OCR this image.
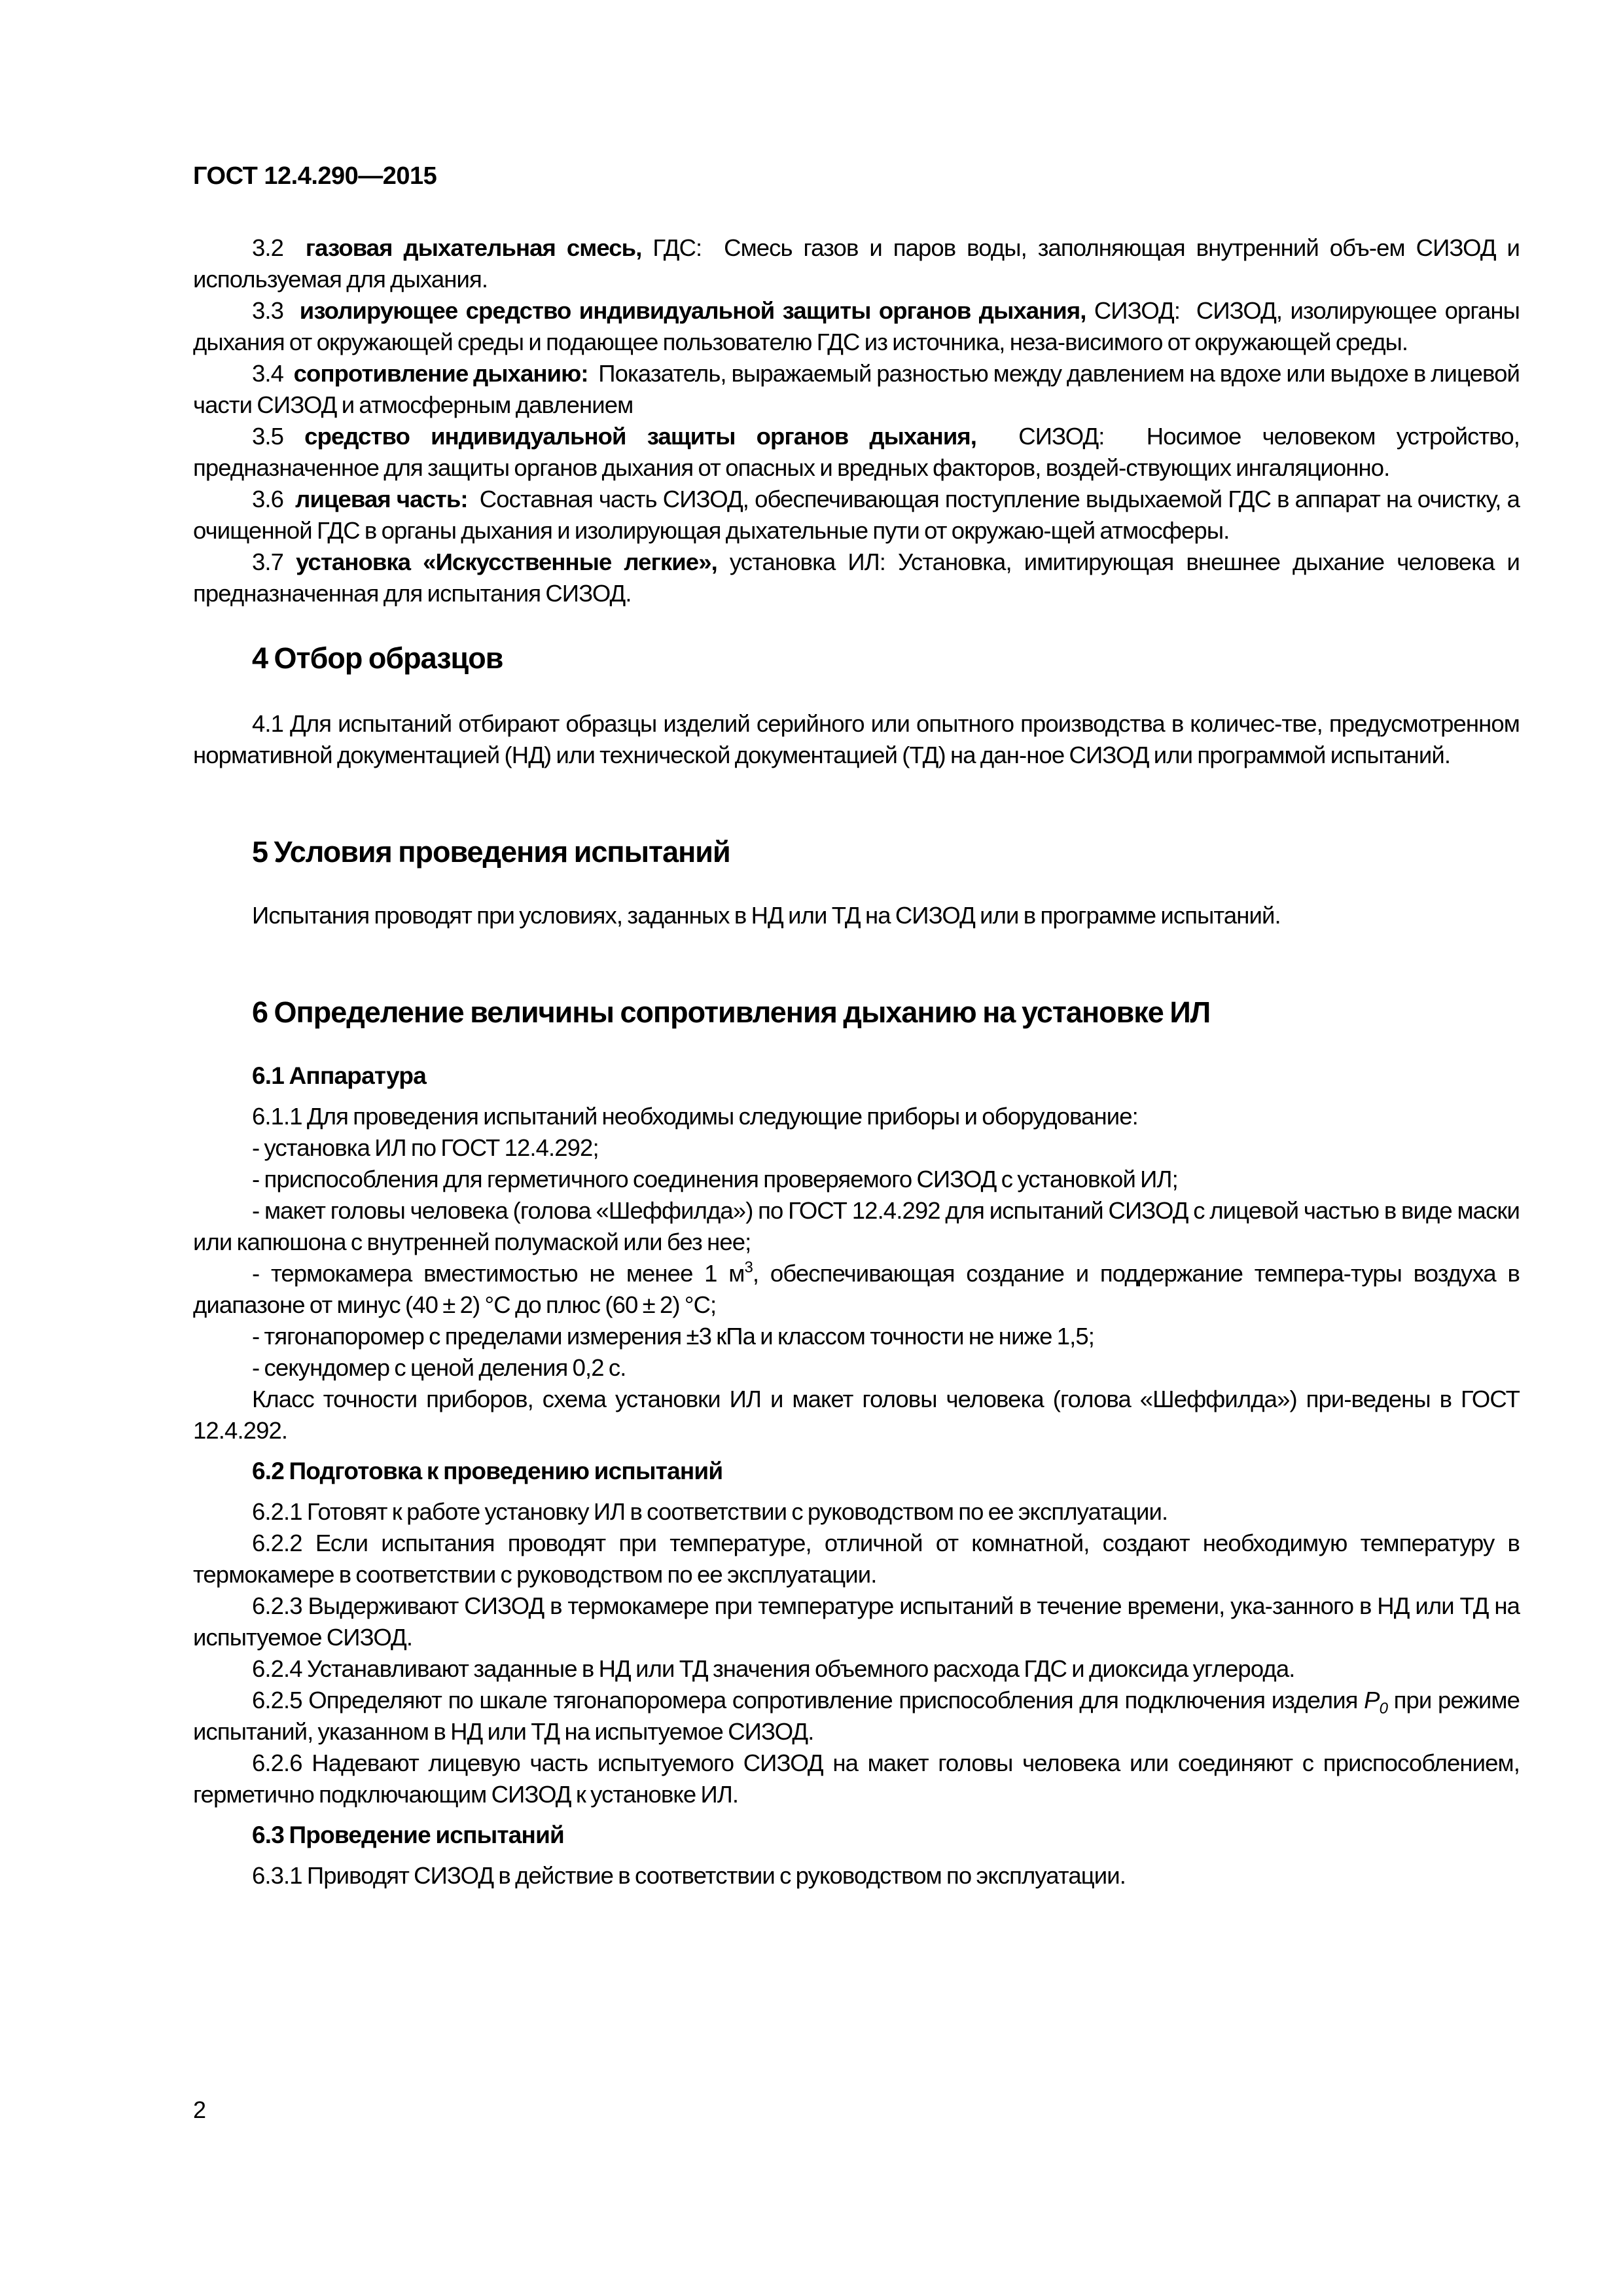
ГОСТ 12.4.290—2015

3.2 газовая дыхательная смесь, ГДС: Смесь газов и паров воды, заполняющая внутренний объ-ем СИЗОД и используемая для дыхания.

3.3 изолирующее средство индивидуальной защиты органов дыхания, СИЗОД: СИЗОД, изолирующее органы дыхания от окружающей среды и подающее пользователю ГДС из источника, неза-висимого от окружающей среды.

3.4 сопротивление дыханию: Показатель, выражаемый разностью между давлением на вдохе или выдохе в лицевой части СИЗОД и атмосферным давлением

3.5 средство индивидуальной защиты органов дыхания, СИЗОД: Носимое человеком устройство, предназначенное для защиты органов дыхания от опасных и вредных факторов, воздей-ствующих ингаляционно.

3.6 лицевая часть: Составная часть СИЗОД, обеспечивающая поступление выдыхаемой ГДС в аппарат на очистку, а очищенной ГДС в органы дыхания и изолирующая дыхательные пути от окружаю-щей атмосферы.

3.7 установка «Искусственные легкие», установка ИЛ: Установка, имитирующая внешнее дыхание человека и предназначенная для испытания СИЗОД.

4 Отбор образцов

4.1 Для испытаний отбирают образцы изделий серийного или опытного производства в количес-тве, предусмотренном нормативной документацией (НД) или технической документацией (ТД) на дан-ное СИЗОД или программой испытаний.

5 Условия проведения испытаний

Испытания проводят при условиях, заданных в НД или ТД на СИЗОД или в программе испытаний.

6 Определение величины сопротивления дыханию на установке ИЛ
6.1 Аппаратура

6.1.1 Для проведения испытаний необходимы следующие приборы и оборудование:

- установка ИЛ по ГОСТ 12.4.292;

- приспособления для герметичного соединения проверяемого СИЗОД с установкой ИЛ;

- макет головы человека (голова «Шеффилда») по ГОСТ 12.4.292 для испытаний СИЗОД с лицевой частью в виде маски или капюшона с внутренней полумаской или без нее;

- термокамера вместимостью не менее 1 $м^3$, обеспечивающая создание и поддержание темпера-туры воздуха в диапазоне от минус (40 ± 2) °С до плюс (60 ± 2) °С;

- тягонапоромер с пределами измерения ±3 кПа и классом точности не ниже 1,5;

- секундомер с ценой деления 0,2 с.

Класс точности приборов, схема установки ИЛ и макет головы человека (голова «Шеффилда») при-ведены в ГОСТ 12.4.292.

6.2 Подготовка к проведению испытаний

6.2.1 Готовят к работе установку ИЛ в соответствии с руководством по ее эксплуатации.

6.2.2 Если испытания проводят при температуре, отличной от комнатной, создают необходимую температуру в термокамере в соответствии с руководством по ее эксплуатации.

6.2.3 Выдерживают СИЗОД в термокамере при температуре испытаний в течение времени, ука-занного в НД или ТД на испытуемое СИЗОД.

6.2.4 Устанавливают заданные в НД или ТД значения объемного расхода ГДС и диоксида углерода.

6.2.5 Определяют по шкале тягонапоромера сопротивление приспособления для подключения изделия $P_0$ при режиме испытаний, указанном в НД или ТД на испытуемое СИЗОД.

6.2.6 Надевают лицевую часть испытуемого СИЗОД на макет головы человека или соединяют с приспособлением, герметично подключающим СИЗОД к установке ИЛ.

6.3 Проведение испытаний

6.3.1 Приводят СИЗОД в действие в соответствии с руководством по эксплуатации.

2
